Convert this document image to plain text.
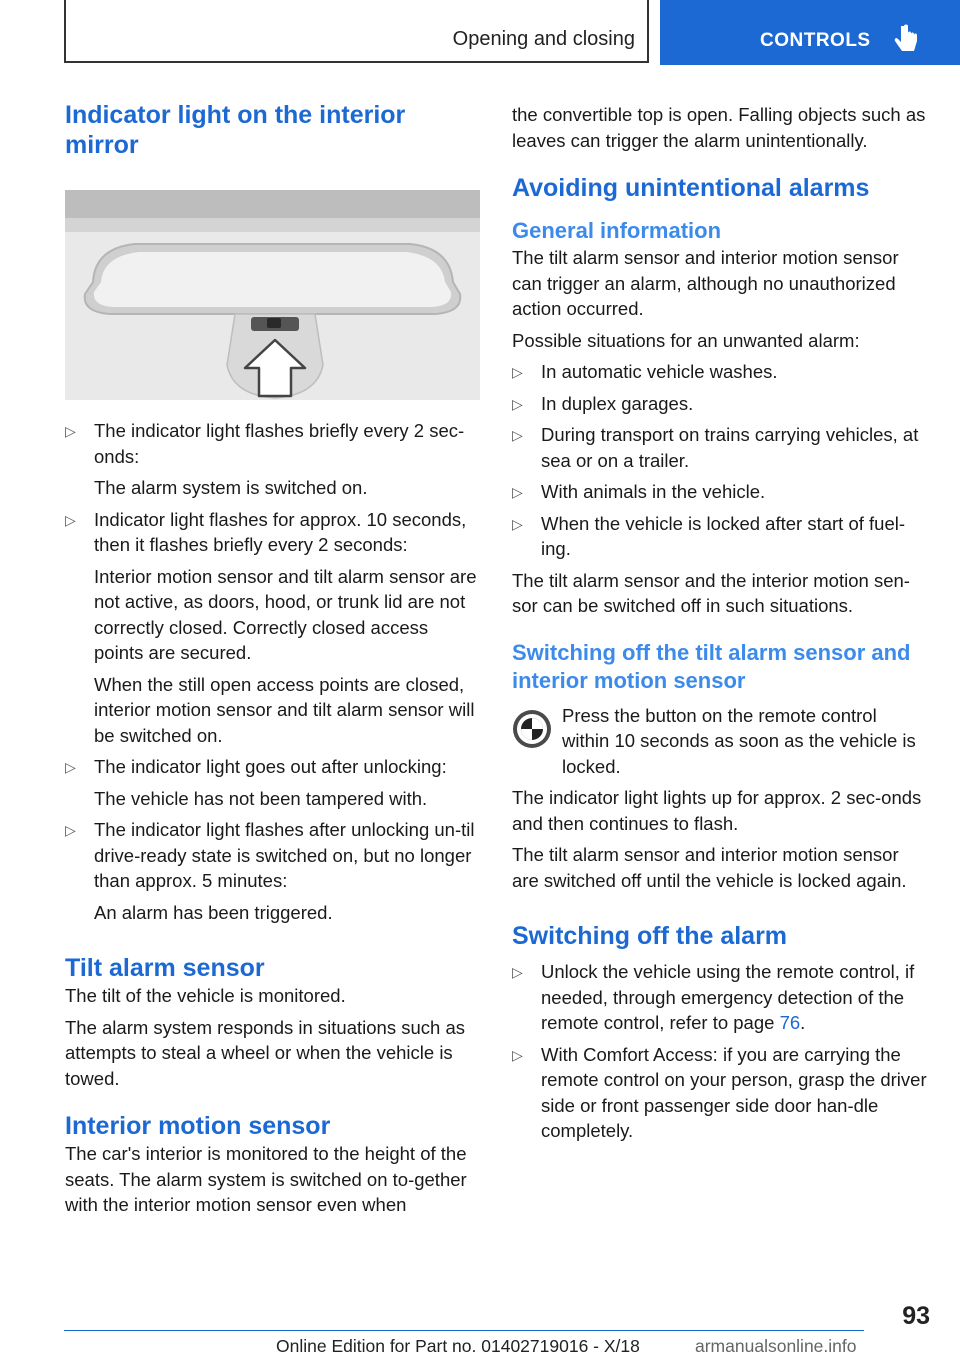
Opening and closing	CONTROLS
Indicator light on the interior mirror
▷ The indicator light flashes briefly every 2 sec-onds:
The alarm system is switched on.
▷ Indicator light flashes for approx. 10 seconds, then it flashes briefly every 2 seconds:
Interior motion sensor and tilt alarm sensor are not active, as doors, hood, or trunk lid are not correctly closed. Correctly closed access points are secured.
When the still open access points are closed, interior motion sensor and tilt alarm sensor will be switched on.
▷ The indicator light goes out after unlocking:
The vehicle has not been tampered with.
▷ The indicator light flashes after unlocking un-til drive-ready state is switched on, but no longer than approx. 5 minutes:
An alarm has been triggered.
Tilt alarm sensor

The tilt of the vehicle is monitored.

The alarm system responds in situations such as attempts to steal a wheel or when the vehicle is towed.

Interior motion sensor

The car's interior is monitored to the height of the seats. The alarm system is switched on to-gether with the interior motion sensor even when

the convertible top is open. Falling objects such as leaves can trigger the alarm unintentionally.

Avoiding unintentional alarms
General information

The tilt alarm sensor and interior motion sensor can trigger an alarm, although no unauthorized action occurred.

Possible situations for an unwanted alarm:

▷ In automatic vehicle washes.
▷ In duplex garages.
▷ During transport on trains carrying vehicles, at sea or on a trailer.
▷ With animals in the vehicle.
▷ When the vehicle is locked after start of fuel-ing.

The tilt alarm sensor and the interior motion sen-sor can be switched off in such situations.

Switching off the tilt alarm sensor and interior motion sensor

Press the button on the remote control within 10 seconds as soon as the vehicle is locked.

The indicator light lights up for approx. 2 sec-onds and then continues to flash.

The tilt alarm sensor and interior motion sensor are switched off until the vehicle is locked again.

Switching off the alarm
▷ Unlock the vehicle using the remote control, if needed, through emergency detection of the remote control, refer to page 76.
▷ With Comfort Access: if you are carrying the remote control on your person, grasp the driver side or front passenger side door han-dle completely.
93
Online Edition for Part no. 01402719016 - X/18	armanualsonline.info
